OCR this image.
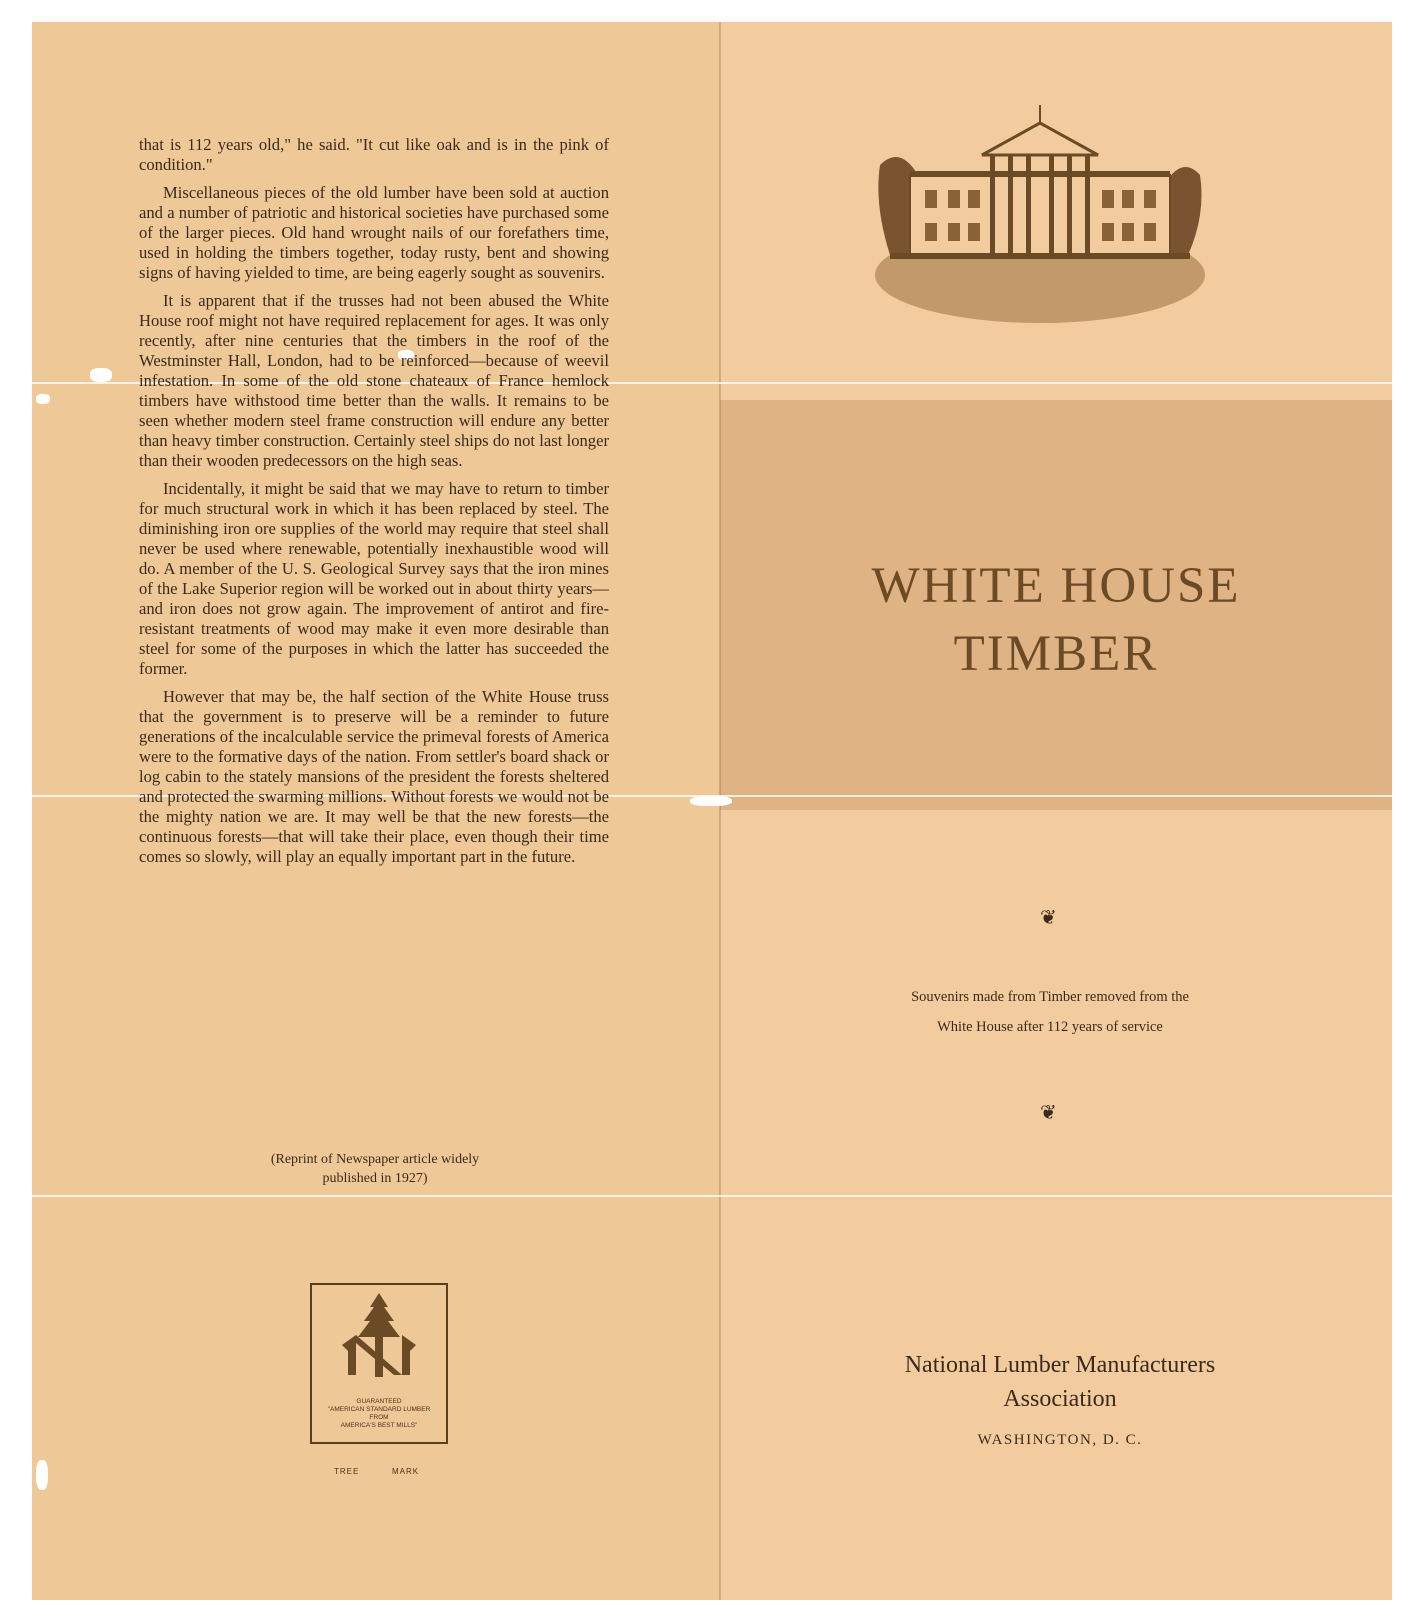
that is 112 years old," he said. "It cut like oak and is in the pink of condition."

Miscellaneous pieces of the old lumber have been sold at auction and a number of patriotic and historical societies have purchased some of the larger pieces. Old hand wrought nails of our forefathers time, used in holding the timbers together, today rusty, bent and showing signs of having yielded to time, are being eagerly sought as souvenirs.

It is apparent that if the trusses had not been abused the White House roof might not have required replacement for ages. It was only recently, after nine centuries that the timbers in the roof of the Westminster Hall, London, had to be reinforced—because of weevil infestation. In some of the old stone chateaux of France hemlock timbers have withstood time better than the walls. It remains to be seen whether modern steel frame construction will endure any better than heavy timber construction. Certainly steel ships do not last longer than their wooden predecessors on the high seas.

Incidentally, it might be said that we may have to return to timber for much structural work in which it has been replaced by steel. The diminishing iron ore supplies of the world may require that steel shall never be used where renewable, potentially inexhaustible wood will do. A member of the U. S. Geological Survey says that the iron mines of the Lake Superior region will be worked out in about thirty years—and iron does not grow again. The improvement of antirot and fire-resistant treatments of wood may make it even more desirable than steel for some of the purposes in which the latter has succeeded the former.

However that may be, the half section of the White House truss that the government is to preserve will be a reminder to future generations of the incalculable service the primeval forests of America were to the formative days of the nation. From settler's board shack or log cabin to the stately mansions of the president the forests sheltered and protected the swarming millions. Without forests we would not be the mighty nation we are. It may well be that the new forests—the continuous forests—that will take their place, even though their time comes so slowly, will play an equally important part in the future.

(Reprint of Newspaper article widely
published in 1927)
TREE	MARK
GUARANTEED
"AMERICAN STANDARD LUMBER
FROM
AMERICA'S BEST MILLS"
WHITE HOUSE
TIMBER
❦
Souvenirs made from Timber removed from the
White House after 112 years of service
❦
National Lumber Manufacturers
Association
WASHINGTON, D. C.
